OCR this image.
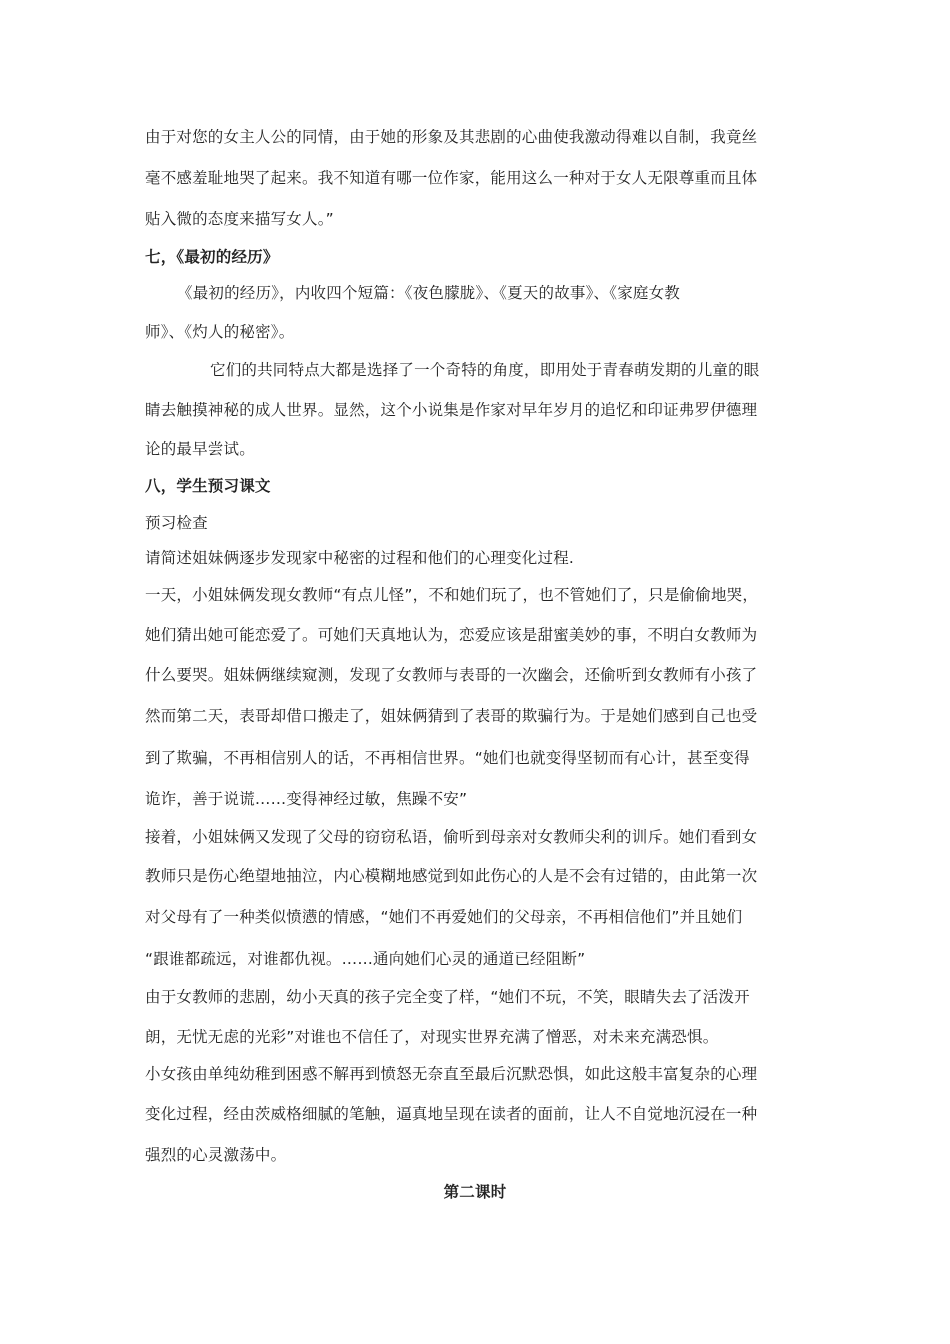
由于对您的女主人公的同情，由于她的形象及其悲剧的心曲使我激动得难以自制，我竟丝
毫不感羞耻地哭了起来。我不知道有哪一位作家，能用这么一种对于女人无限尊重而且体
贴入微的态度来描写女人。”
七，《最初的经历》
《最初的经历》，内收四个短篇：《夜色朦胧》、《夏天的故事》、《家庭女教
师》、《灼人的秘密》。
它们的共同特点大都是选择了一个奇特的角度，即用处于青春萌发期的儿童的眼
睛去触摸神秘的成人世界。显然，这个小说集是作家对早年岁月的追忆和印证弗罗伊德理
论的最早尝试。
八，学生预习课文
预习检查
请简述姐妹俩逐步发现家中秘密的过程和他们的心理变化过程.
一天，小姐妹俩发现女教师“有点儿怪”，不和她们玩了，也不管她们了，只是偷偷地哭，
她们猜出她可能恋爱了。可她们天真地认为，恋爱应该是甜蜜美妙的事，不明白女教师为
什么要哭。姐妹俩继续窥测，发现了女教师与表哥的一次幽会，还偷听到女教师有小孩了
然而第二天，表哥却借口搬走了，姐妹俩猜到了表哥的欺骗行为。于是她们感到自己也受
到了欺骗，不再相信别人的话，不再相信世界。“她们也就变得坚韧而有心计，甚至变得
诡诈，善于说谎……变得神经过敏，焦躁不安”
接着，小姐妹俩又发现了父母的窃窃私语，偷听到母亲对女教师尖利的训斥。她们看到女
教师只是伤心绝望地抽泣，内心模糊地感觉到如此伤心的人是不会有过错的，由此第一次
对父母有了一种类似愤懑的情感，“她们不再爱她们的父母亲，不再相信他们”并且她们
“跟谁都疏远，对谁都仇视。……通向她们心灵的通道已经阻断”
由于女教师的悲剧，幼小天真的孩子完全变了样，“她们不玩，不笑，眼睛失去了活泼开
朗，无忧无虑的光彩”对谁也不信任了，对现实世界充满了憎恶，对未来充满恐惧。
小女孩由单纯幼稚到困惑不解再到愤怒无奈直至最后沉默恐惧，如此这般丰富复杂的心理
变化过程，经由茨威格细腻的笔触，逼真地呈现在读者的面前，让人不自觉地沉浸在一种
强烈的心灵激荡中。
第二课时
